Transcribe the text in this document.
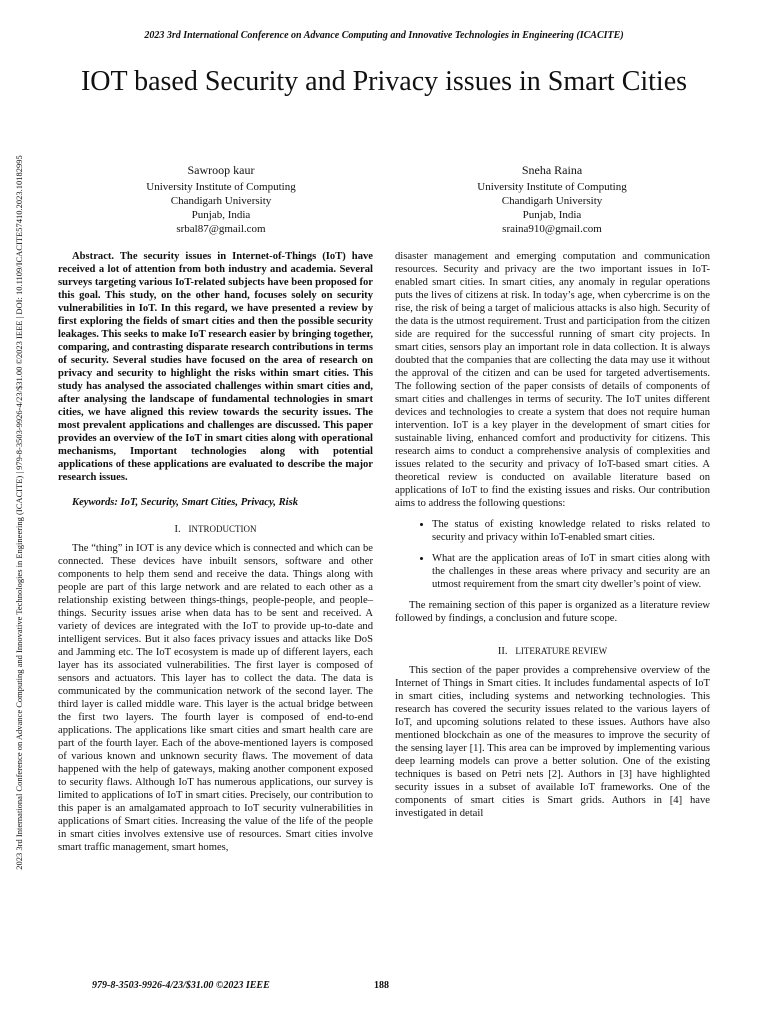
2023 3rd International Conference on Advance Computing and Innovative Technologies in Engineering (ICACITE)
2023 3rd International Conference on Advance Computing and Innovative Technologies in Engineering (ICACITE) | 979-8-3503-9926-4/23/$31.00 ©2023 IEEE | DOI: 10.1109/ICACITE57410.2023.10182995
IOT based Security and Privacy issues in Smart Cities
Sawroop kaur
University Institute of Computing
Chandigarh University
Punjab, India
srbal87@gmail.com
Sneha Raina
University Institute of Computing
Chandigarh University
Punjab, India
sraina910@gmail.com

Abstract. The security issues in Internet-of-Things (IoT) have received a lot of attention from both industry and academia. Several surveys targeting various IoT-related subjects have been proposed for this goal. This study, on the other hand, focuses solely on security vulnerabilities in IoT. In this regard, we have presented a review by first exploring the fields of smart cities and then the possible security leakages. This seeks to make IoT research easier by bringing together, comparing, and contrasting disparate research contributions in terms of security. Several studies have focused on the area of research on privacy and security to highlight the risks within smart cities. This study has analysed the associated challenges within smart cities and, after analysing the landscape of fundamental technologies in smart cities, we have aligned this review towards the security issues. The most prevalent applications and challenges are discussed. This paper provides an overview of the IoT in smart cities along with operational mechanisms, Important technologies along with potential applications of these applications are evaluated to describe the major research issues.

Keywords: IoT, Security, Smart Cities, Privacy, Risk

I. INTRODUCTION

The “thing” in IOT is any device which is connected and which can be connected. These devices have inbuilt sensors, software and other components to help them send and receive the data. Things along with people are part of this large network and are related to each other as a relationship existing between things-things, people-people, and people–things. Security issues arise when data has to be sent and received. A variety of devices are integrated with the IoT to provide up-to-date and intelligent services. But it also faces privacy issues and attacks like DoS and Jamming etc. The IoT ecosystem is made up of different layers, each layer has its associated vulnerabilities. The first layer is composed of sensors and actuators. This layer has to collect the data. The data is communicated by the communication network of the second layer. The third layer is called middle ware. This layer is the actual bridge between the first two layers. The fourth layer is composed of end-to-end applications. The applications like smart cities and smart health care are part of the fourth layer. Each of the above-mentioned layers is composed of various known and unknown security flaws. The movement of data happened with the help of gateways, making another component exposed to security flaws. Although IoT has numerous applications, our survey is limited to applications of IoT in smart cities. Precisely, our contribution to this paper is an amalgamated approach to IoT security vulnerabilities in applications of Smart cities. Increasing the value of the life of the people in smart cities involves extensive use of resources. Smart cities involve smart traffic management, smart homes,

disaster management and emerging computation and communication resources. Security and privacy are the two important issues in IoT-enabled smart cities. In smart cities, any anomaly in regular operations puts the lives of citizens at risk. In today’s age, when cybercrime is on the rise, the risk of being a target of malicious attacks is also high. Security of the data is the utmost requirement. Trust and participation from the citizen side are required for the successful running of smart city projects. In smart cities, sensors play an important role in data collection. It is always doubted that the companies that are collecting the data may use it without the approval of the citizen and can be used for targeted advertisements. The following section of the paper consists of details of components of smart cities and challenges in terms of security. The IoT unites different devices and technologies to create a system that does not require human intervention. IoT is a key player in the development of smart cities for sustainable living, enhanced comfort and productivity for citizens. This research aims to conduct a comprehensive analysis of complexities and issues related to the security and privacy of IoT-based smart cities. A theoretical review is conducted on available literature based on applications of IoT to find the existing issues and risks. Our contribution aims to address the following questions:

• The status of existing knowledge related to risks related to security and privacy within IoT-enabled smart cities.
• What are the application areas of IoT in smart cities along with the challenges in these areas where privacy and security are an utmost requirement from the smart city dweller’s point of view.

The remaining section of this paper is organized as a literature review followed by findings, a conclusion and future scope.

II. LITERATURE REVIEW

This section of the paper provides a comprehensive overview of the Internet of Things in Smart cities. It includes fundamental aspects of IoT in smart cities, including systems and networking technologies. This research has covered the security issues related to the various layers of IoT, and upcoming solutions related to these issues. Authors have also mentioned blockchain as one of the measures to improve the security of the sensing layer [1]. This area can be improved by implementing various deep learning models can prove a better solution. One of the existing techniques is based on Petri nets [2]. Authors in [3] have highlighted security issues in a subset of available IoT frameworks. One of the components of smart cities is Smart grids. Authors in [4] have investigated in detail

979-8-3503-9926-4/23/$31.00 ©2023 IEEE	188
